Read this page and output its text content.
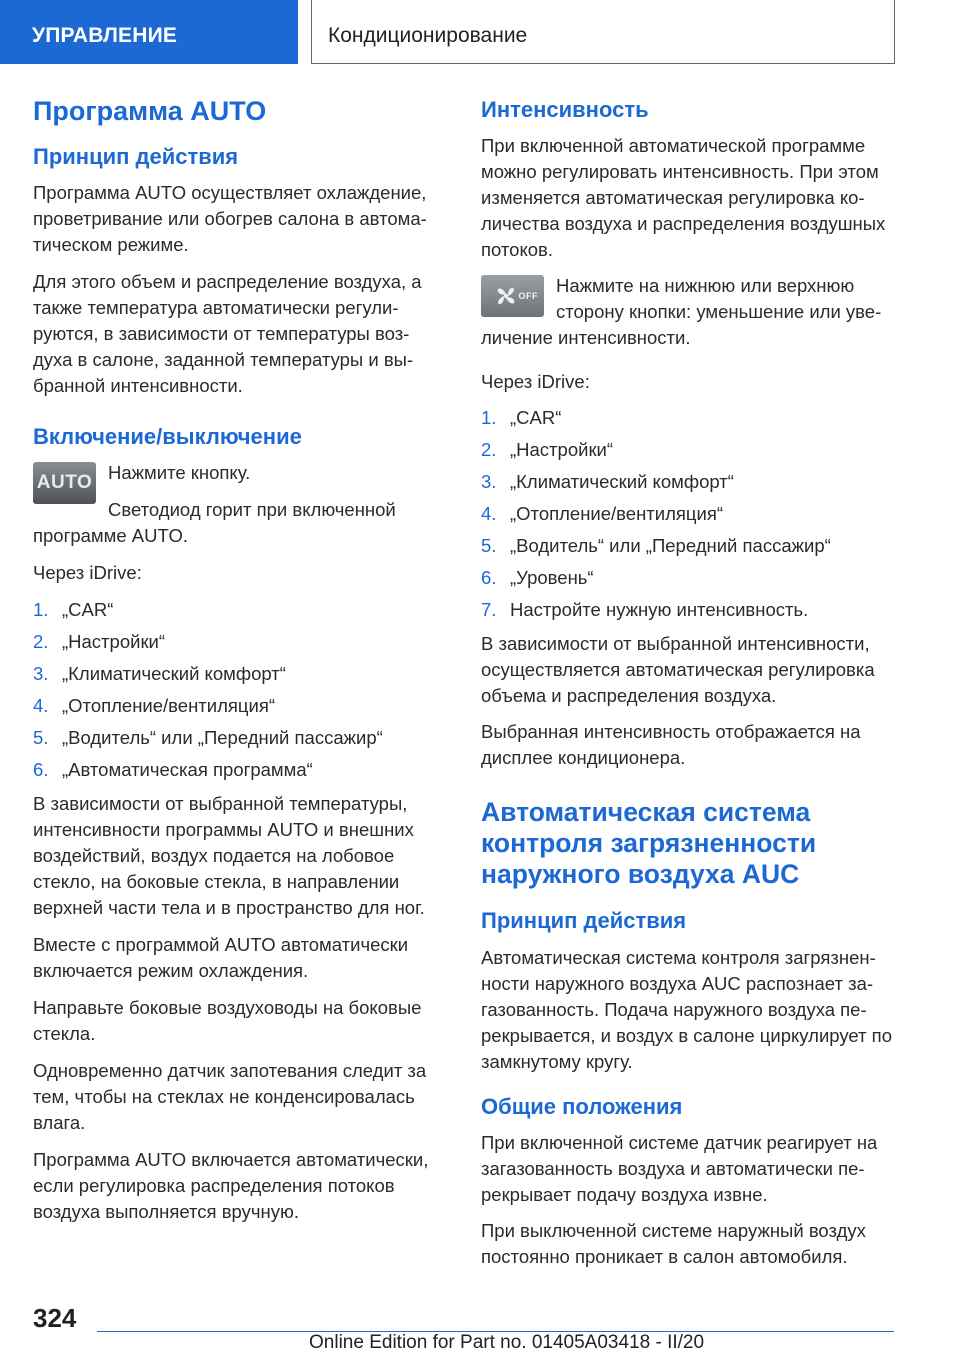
УПРАВЛЕНИЕ	Кондиционирование
Программа AUTO
Принцип действия

Программа AUTO осуществляет охлаждение, проветривание или обогрев салона в автома‐тическом режиме.

Для этого объем и распределение воздуха, а также температура автоматически регули‐руются, в зависимости от температуры воз‐духа в салоне, заданной температуры и вы‐бранной интенсивности.

Включение/выключение
AUTO Нажмите кнопку.

Светодиод горит при включенной программе AUTO.

Через iDrive:

1. „CAR“
2. „Настройки“
3. „Климатический комфорт“
4. „Отопление/вентиляция“
5. „Водитель“ или „Передний пассажир“
6. „Автоматическая программа“

В зависимости от выбранной температуры, интенсивности программы AUTO и внешних воздействий, воздух подается на лобовое стекло, на боковые стекла, в направлении верхней части тела и в пространство для ног.

Вместе с программой AUTO автоматически включается режим охлаждения.

Направьте боковые воздуховоды на боковые стекла.

Одновременно датчик запотевания следит за тем, чтобы на стеклах не конденсировалась влага.

Программа AUTO включается автоматически, если регулировка распределения потоков воздуха выполняется вручную.

Интенсивность

При включенной автоматической программе можно регулировать интенсивность. При этом изменяется автоматическая регулировка ко‐личества воздуха и распределения воздушных потоков.

OFF Нажмите на нижнюю или верхнюю сторону кнопки: уменьшение или уве‐личение интенсивности.

Через iDrive:

1. „CAR“
2. „Настройки“
3. „Климатический комфорт“
4. „Отопление/вентиляция“
5. „Водитель“ или „Передний пассажир“
6. „Уровень“
7. Настройте нужную интенсивность.

В зависимости от выбранной интенсивности, осуществляется автоматическая регулировка объема и распределения воздуха.

Выбранная интенсивность отображается на дисплее кондиционера.

Автоматическая система контроля загрязненности наружного воздуха AUC
Принцип действия

Автоматическая система контроля загрязнен‐ности наружного воздуха AUC распознает за‐газованность. Подача наружного воздуха пе‐рекрывается, и воздух в салоне циркулирует по замкнутому кругу.

Общие положения

При включенной системе датчик реагирует на загазованность воздуха и автоматически пе‐рекрывает подачу воздуха извне.

При выключенной системе наружный воздух постоянно проникает в салон автомобиля.

324
Online Edition for Part no. 01405A03418 - II/20
